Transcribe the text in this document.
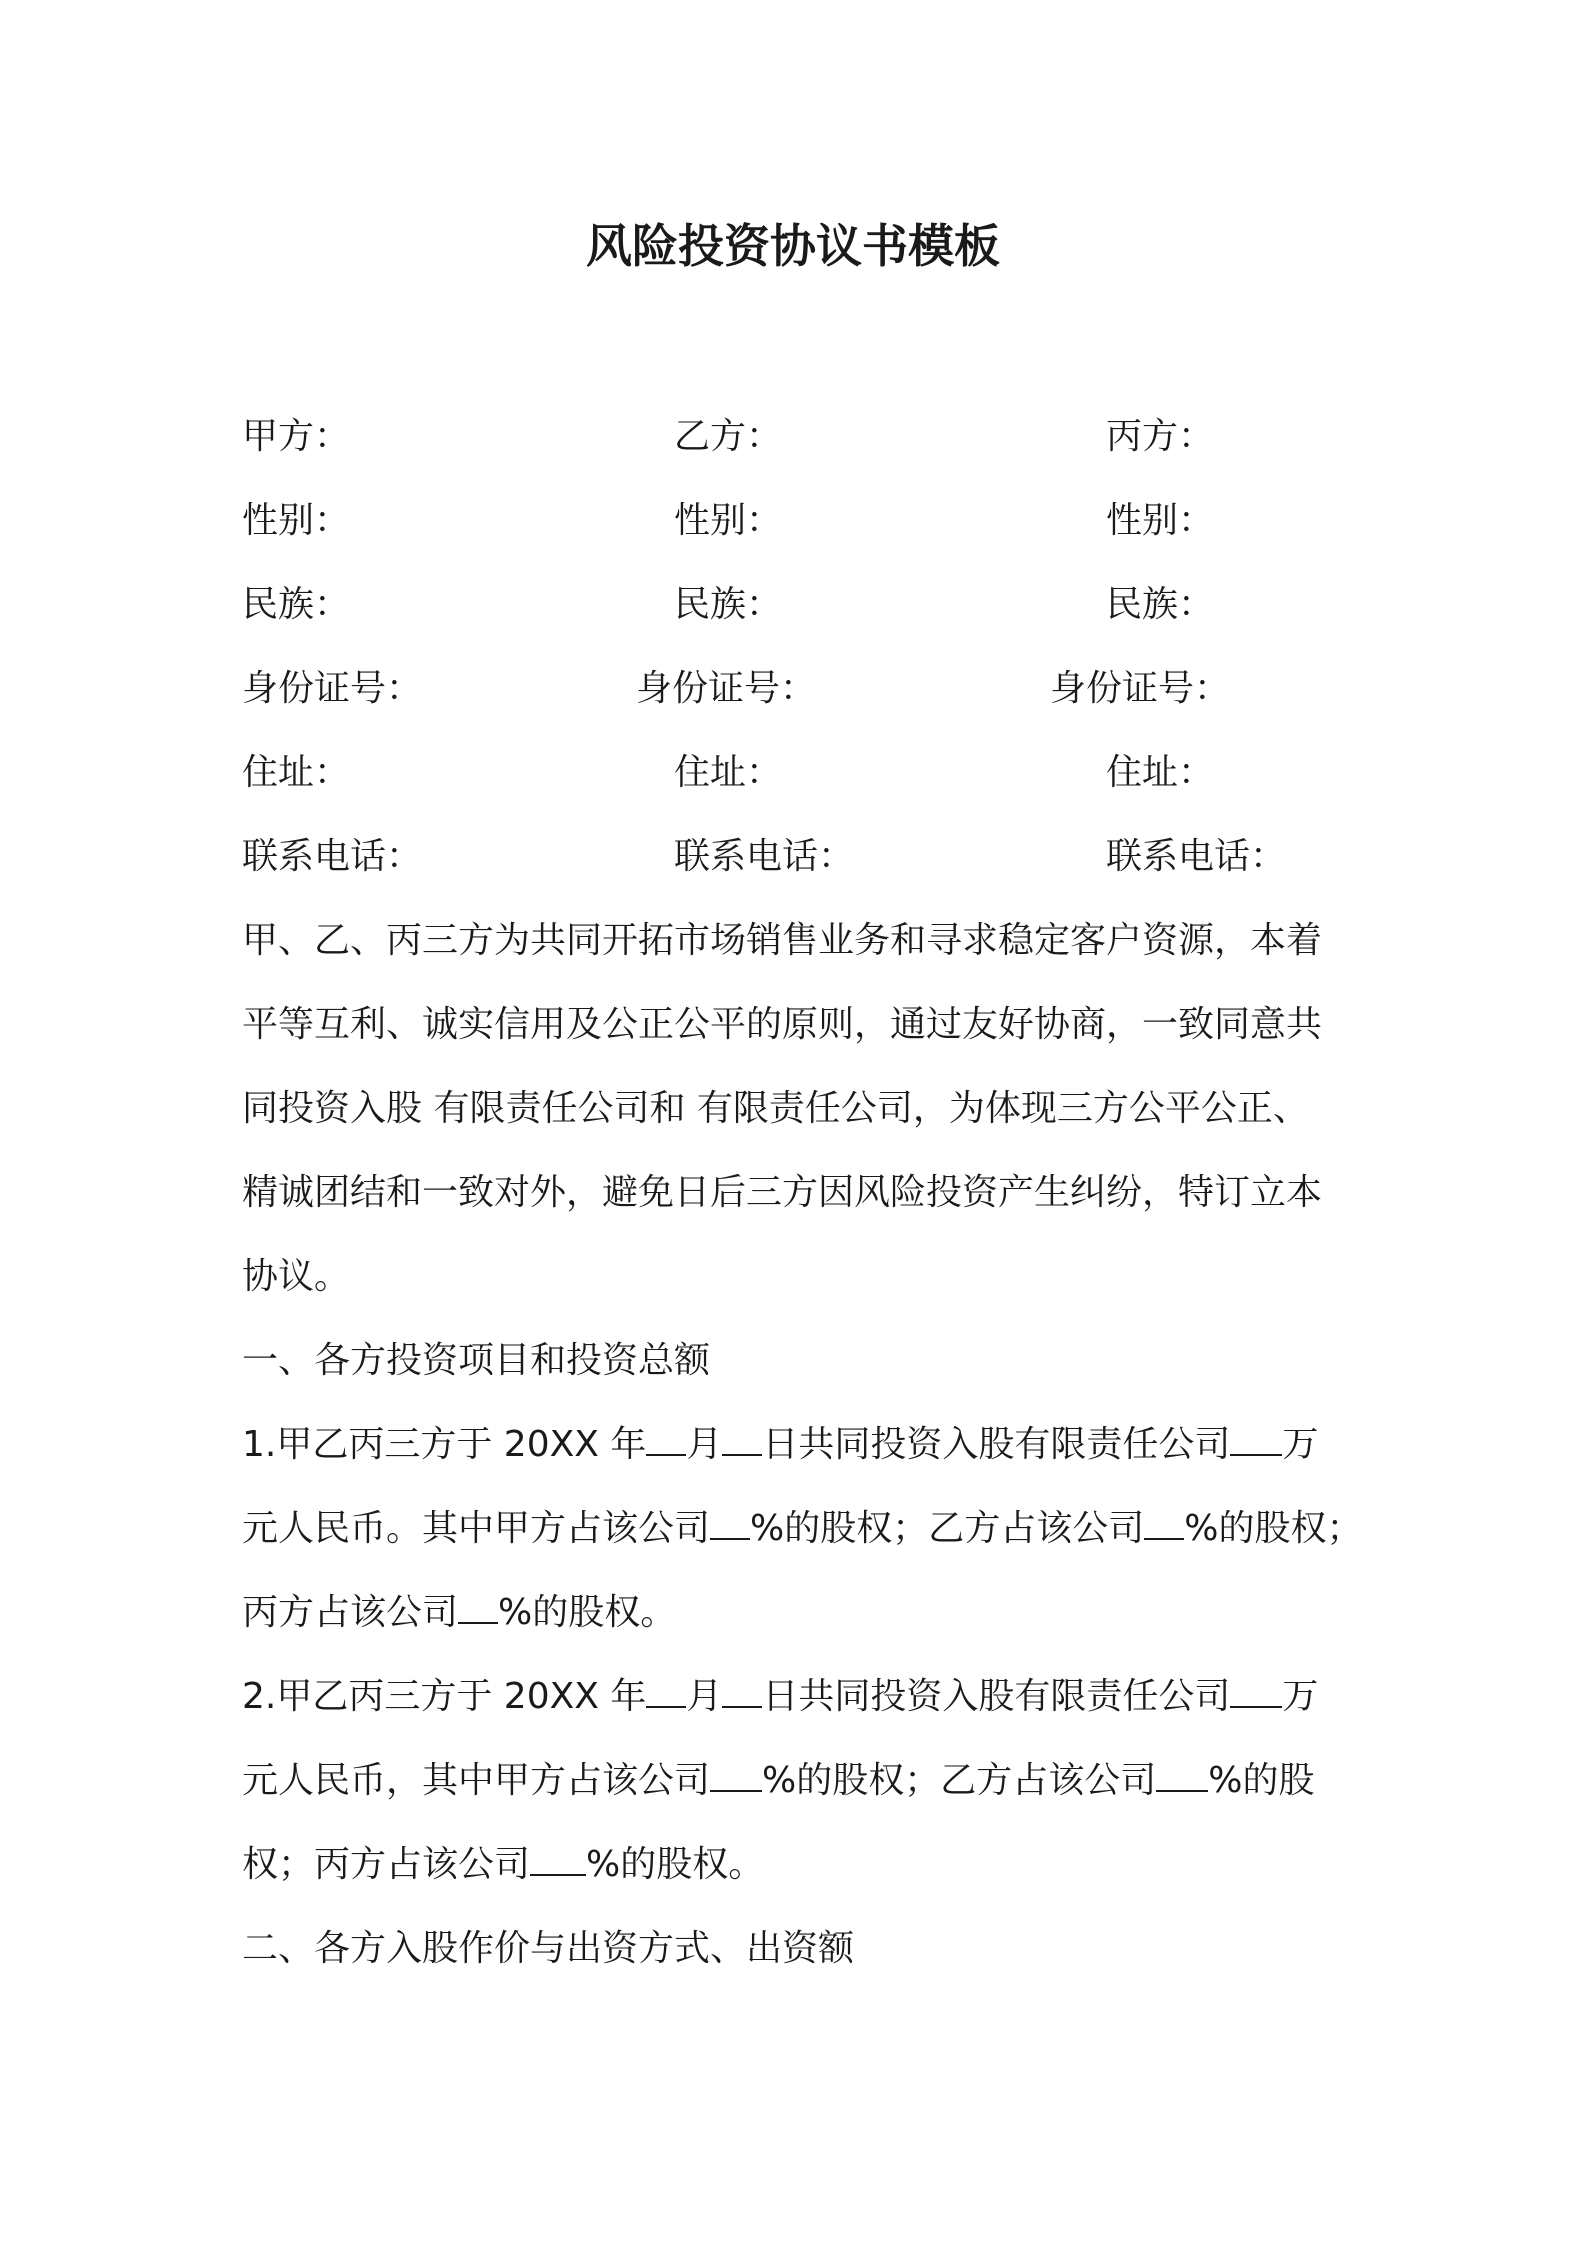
风险投资协议书模板
甲方：	乙方：	丙方：
性别：	性别：	性别：
民族：	民族：	民族：
身份证号：	身份证号：	身份证号：
住址：	住址：	住址：
联系电话：	联系电话：	联系电话：
甲、乙、丙三方为共同开拓市场销售业务和寻求稳定客户资源，本着
平等互利、诚实信用及公正公平的原则，通过友好协商，一致同意共
同投资入股 有限责任公司和 有限责任公司，为体现三方公平公正、
精诚团结和一致对外，避免日后三方因风险投资产生纠纷，特订立本
协议。
一、各方投资项目和投资总额
1.甲乙丙三方于 20XX 年 月 日共同投资入股有限责任公司 万
元人民币。其中甲方占该公司 %的股权；乙方占该公司 %的股权；
丙方占该公司 %的股权。
2.甲乙丙三方于 20XX 年 月 日共同投资入股有限责任公司 万
元人民币，其中甲方占该公司 %的股权；乙方占该公司 %的股
权；丙方占该公司 %的股权。
二、各方入股作价与出资方式、出资额
